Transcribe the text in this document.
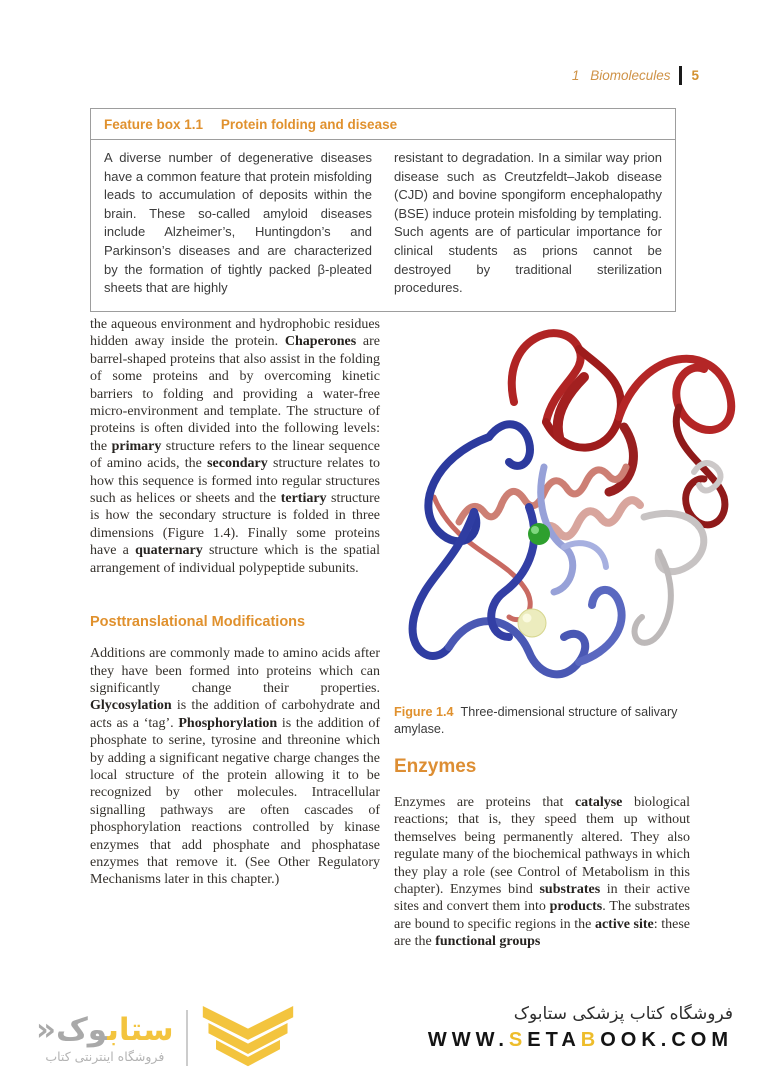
1 Biomolecules 5
Feature box 1.1 Protein folding and disease

A diverse number of degenerative diseases have a common feature that protein misfolding leads to accumulation of deposits within the brain. These so-called amyloid diseases include Alzheimer’s, Huntingdon’s and Parkinson’s diseases and are characterized by the formation of tightly packed β-pleated sheets that are highly

resistant to degradation. In a similar way prion disease such as Creutzfeldt–Jakob disease (CJD) and bovine spongiform encephalopathy (BSE) induce protein misfolding by templating. Such agents are of particular importance for clinical students as prions cannot be destroyed by traditional sterilization procedures.

the aqueous environment and hydrophobic residues hidden away inside the protein. Chaperones are barrel-shaped proteins that also assist in the folding of some proteins and by overcoming kinetic barriers to folding and providing a water-free micro-environment and template. The structure of proteins is often divided into the following levels: the primary structure refers to the linear sequence of amino acids, the secondary structure relates to how this sequence is formed into regular structures such as helices or sheets and the tertiary structure is how the secondary structure is folded in three dimensions (Figure 1.4). Finally some proteins have a quaternary structure which is the spatial arrangement of individual polypeptide subunits.

Posttranslational Modifications

Additions are commonly made to amino acids after they have been formed into proteins which can significantly change their properties. Glycosylation is the addition of carbohydrate and acts as a ‘tag’. Phosphorylation is the addition of phosphate to serine, tyrosine and threonine which by adding a significant negative charge changes the local structure of the protein allowing it to be recognized by other molecules. Intracellular signalling pathways are often cascades of phosphorylation reactions controlled by kinase enzymes that add phosphate and phosphatase enzymes that remove it. (See Other Regulatory Mechanisms later in this chapter.)

Figure 1.4 Three-dimensional structure of salivary amylase.
Enzymes

Enzymes are proteins that catalyse biological reactions; that is, they speed them up without themselves being permanently altered. They also regulate many of the biochemical pathways in which they play a role (see Control of Metabolism in this chapter). Enzymes bind substrates in their active sites and convert them into products. The substrates are bound to specific regions in the active site: these are the functional groups

ستابوک«
فروشگاه اینترنتی کتاب
فروشگاه کتاب پزشکی ستابوک
WWW.SETABOOK.COM
